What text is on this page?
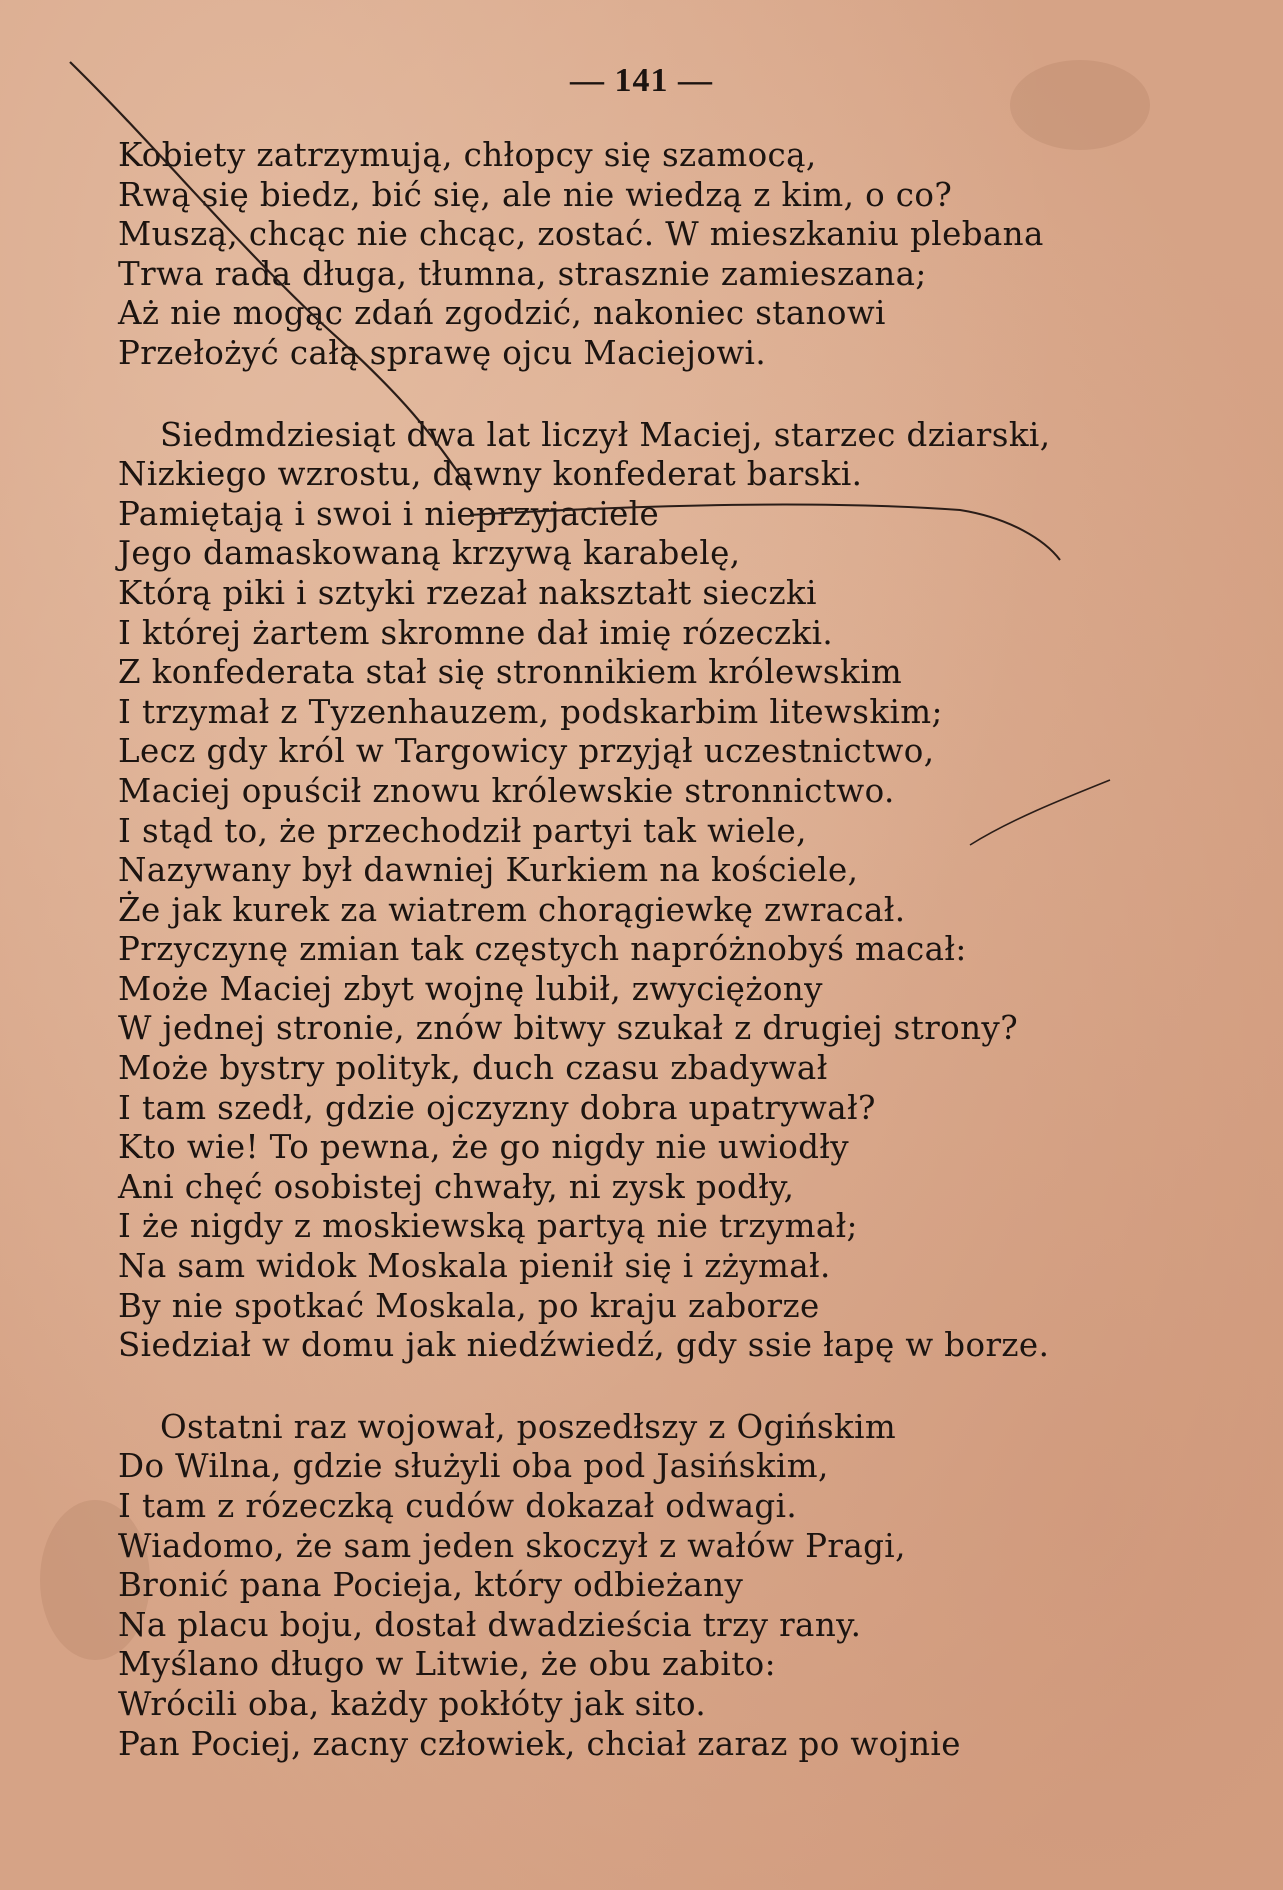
— 141 —
Kobiety zatrzymują, chłopcy się szamocą,
Rwą się biedz, bić się, ale nie wiedzą z kim, o co?
Muszą, chcąc nie chcąc, zostać. W mieszkaniu plebana
Trwa rada długa, tłumna, strasznie zamieszana;
Aż nie mogąc zdań zgodzić, nakoniec stanowi
Przełożyć całą sprawę ojcu Maciejowi.
Siedmdziesiąt dwa lat liczył Maciej, starzec dziarski,
Nizkiego wzrostu, dawny konfederat barski.
Pamiętają i swoi i nieprzyjaciele
Jego damaskowaną krzywą karabelę,
Którą piki i sztyki rzezał nakształt sieczki
I której żartem skromne dał imię rózeczki.
Z konfederata stał się stronnikiem królewskim
I trzymał z Tyzenhauzem, podskarbim litewskim;
Lecz gdy król w Targowicy przyjął uczestnictwo,
Maciej opuścił znowu królewskie stronnictwo.
I stąd to, że przechodził partyi tak wiele,
Nazywany był dawniej Kurkiem na kościele,
Że jak kurek za wiatrem chorągiewkę zwracał.
Przyczynę zmian tak częstych napróżnobyś macał:
Może Maciej zbyt wojnę lubił, zwyciężony
W jednej stronie, znów bitwy szukał z drugiej strony?
Może bystry polityk, duch czasu zbadywał
I tam szedł, gdzie ojczyzny dobra upatrywał?
Kto wie! To pewna, że go nigdy nie uwiodły
Ani chęć osobistej chwały, ni zysk podły,
I że nigdy z moskiewską partyą nie trzymał;
Na sam widok Moskala pienił się i zżymał.
By nie spotkać Moskala, po kraju zaborze
Siedział w domu jak niedźwiedź, gdy ssie łapę w borze.
Ostatni raz wojował, poszedłszy z Ogińskim
Do Wilna, gdzie służyli oba pod Jasińskim,
I tam z rózeczką cudów dokazał odwagi.
Wiadomo, że sam jeden skoczył z wałów Pragi,
Bronić pana Pocieja, który odbieżany
Na placu boju, dostał dwadzieścia trzy rany.
Myślano długo w Litwie, że obu zabito:
Wrócili oba, każdy pokłóty jak sito.
Pan Pociej, zacny człowiek, chciał zaraz po wojnie
